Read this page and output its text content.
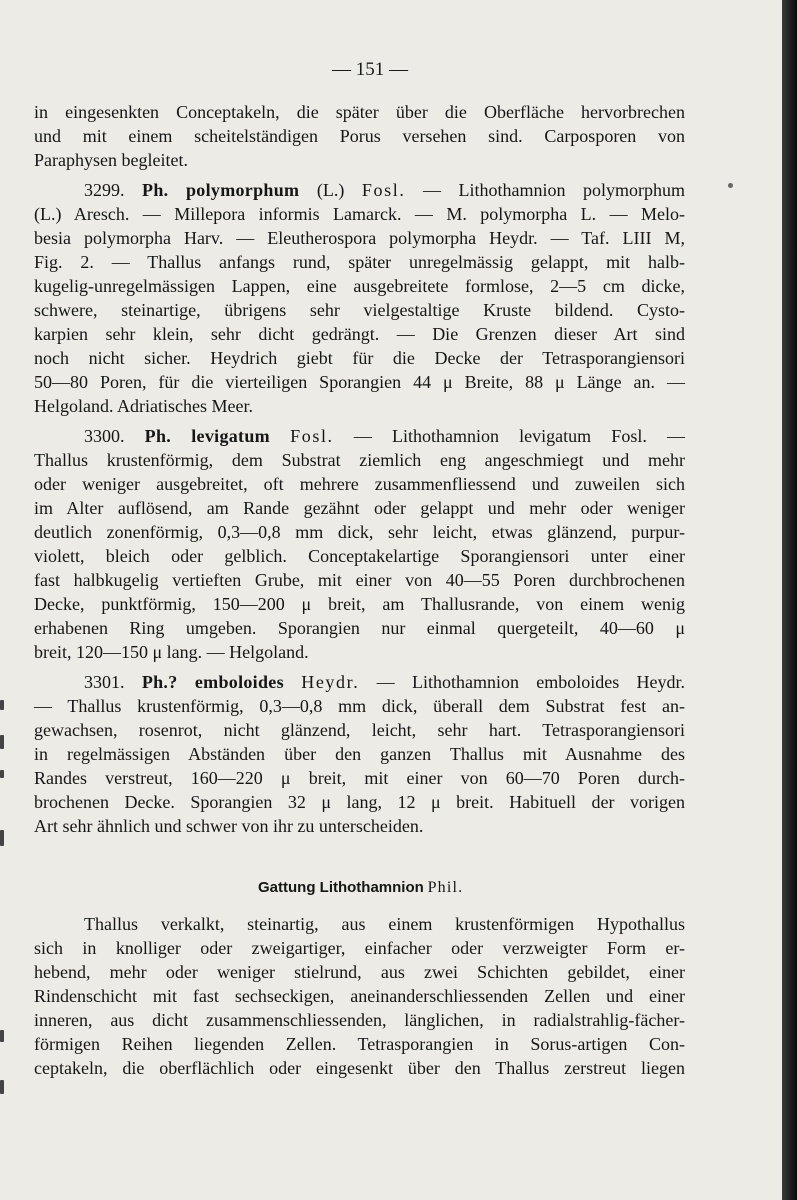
— 151 —

in eingesenkten Conceptakeln, die später über die Oberfläche hervorbrechen
und mit einem scheitelständigen Porus versehen sind. Carposporen von
Paraphysen begleitet.
3299. Ph. polymorphum (L.) Fosl. — Lithothamnion polymorphum
(L.) Aresch. — Millepora informis Lamarck. — M. polymorpha L. — Melo-
besia polymorpha Harv. — Eleutherospora polymorpha Heydr. — Taf. LIII M,
Fig. 2. — Thallus anfangs rund, später unregelmässig gelappt, mit halb-
kugelig-unregelmässigen Lappen, eine ausgebreitete formlose, 2—5 cm dicke,
schwere, steinartige, übrigens sehr vielgestaltige Kruste bildend. Cysto-
karpien sehr klein, sehr dicht gedrängt. — Die Grenzen dieser Art sind
noch nicht sicher. Heydrich giebt für die Decke der Tetrasporangiensori
50—80 Poren, für die vierteiligen Sporangien 44 μ Breite, 88 μ Länge an. —
Helgoland. Adriatisches Meer.
3300. Ph. levigatum Fosl. — Lithothamnion levigatum Fosl. —
Thallus krustenförmig, dem Substrat ziemlich eng angeschmiegt und mehr
oder weniger ausgebreitet, oft mehrere zusammenfliessend und zuweilen sich
im Alter auflösend, am Rande gezähnt oder gelappt und mehr oder weniger
deutlich zonenförmig, 0,3—0,8 mm dick, sehr leicht, etwas glänzend, purpur-
violett, bleich oder gelblich. Conceptakelartige Sporangiensori unter einer
fast halbkugelig vertieften Grube, mit einer von 40—55 Poren durchbrochenen
Decke, punktförmig, 150—200 μ breit, am Thallusrande, von einem wenig
erhabenen Ring umgeben. Sporangien nur einmal quergeteilt, 40—60 μ
breit, 120—150 μ lang. — Helgoland.
3301. Ph.? emboloides Heydr. — Lithothamnion emboloides Heydr.
— Thallus krustenförmig, 0,3—0,8 mm dick, überall dem Substrat fest an-
gewachsen, rosenrot, nicht glänzend, leicht, sehr hart. Tetrasporangiensori
in regelmässigen Abständen über den ganzen Thallus mit Ausnahme des
Randes verstreut, 160—220 μ breit, mit einer von 60—70 Poren durch-
brochenen Decke. Sporangien 32 μ lang, 12 μ breit. Habituell der vorigen
Art sehr ähnlich und schwer von ihr zu unterscheiden.

Gattung Lithothamnion Phil.

Thallus verkalkt, steinartig, aus einem krustenförmigen Hypothallus
sich in knolliger oder zweigartiger, einfacher oder verzweigter Form er-
hebend, mehr oder weniger stielrund, aus zwei Schichten gebildet, einer
Rindenschicht mit fast sechseckigen, aneinanderschliessenden Zellen und einer
inneren, aus dicht zusammenschliessenden, länglichen, in radialstrahlig-fächer-
förmigen Reihen liegenden Zellen. Tetrasporangien in Sorus-artigen Con-
ceptakeln, die oberflächlich oder eingesenkt über den Thallus zerstreut liegen
